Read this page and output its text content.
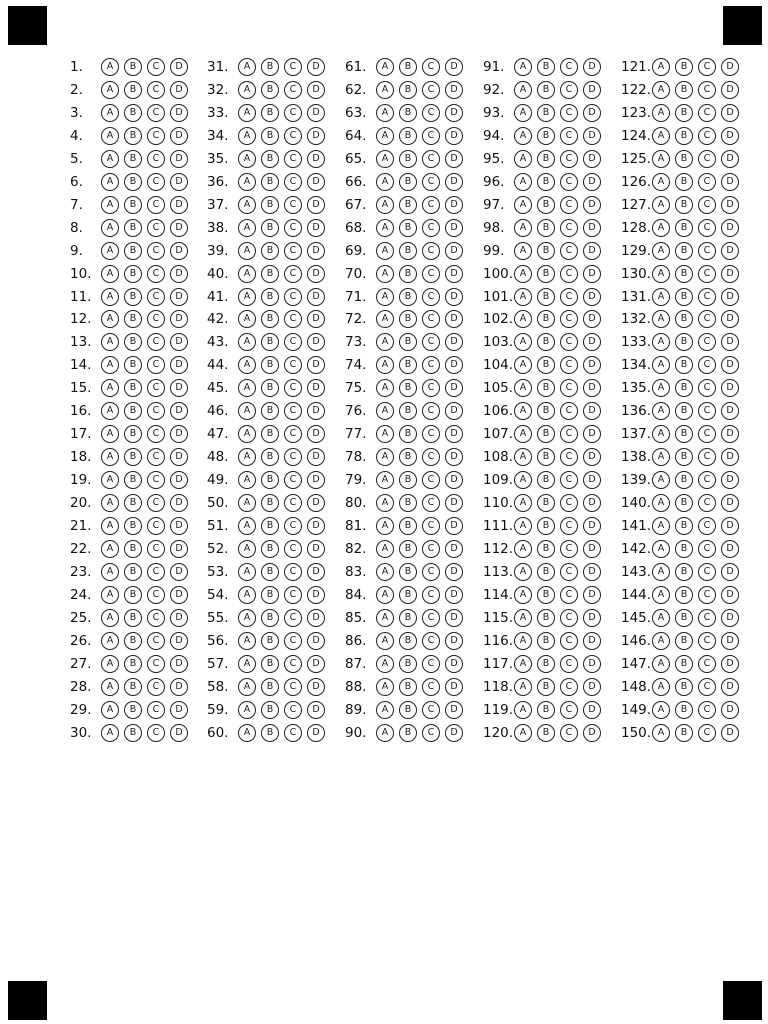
1.	A	B	C	D
2.	A	B	C	D
3.	A	B	C	D
4.	A	B	C	D
5.	A	B	C	D
6.	A	B	C	D
7.	A	B	C	D
8.	A	B	C	D
9.	A	B	C	D
10.	A	B	C	D
11.	A	B	C	D
12.	A	B	C	D
13.	A	B	C	D
14.	A	B	C	D
15.	A	B	C	D
16.	A	B	C	D
17.	A	B	C	D
18.	A	B	C	D
19.	A	B	C	D
20.	A	B	C	D
21.	A	B	C	D
22.	A	B	C	D
23.	A	B	C	D
24.	A	B	C	D
25.	A	B	C	D
26.	A	B	C	D
27.	A	B	C	D
28.	A	B	C	D
29.	A	B	C	D
30.	A	B	C	D
31.	A	B	C	D
32.	A	B	C	D
33.	A	B	C	D
34.	A	B	C	D
35.	A	B	C	D
36.	A	B	C	D
37.	A	B	C	D
38.	A	B	C	D
39.	A	B	C	D
40.	A	B	C	D
41.	A	B	C	D
42.	A	B	C	D
43.	A	B	C	D
44.	A	B	C	D
45.	A	B	C	D
46.	A	B	C	D
47.	A	B	C	D
48.	A	B	C	D
49.	A	B	C	D
50.	A	B	C	D
51.	A	B	C	D
52.	A	B	C	D
53.	A	B	C	D
54.	A	B	C	D
55.	A	B	C	D
56.	A	B	C	D
57.	A	B	C	D
58.	A	B	C	D
59.	A	B	C	D
60.	A	B	C	D
61.	A	B	C	D
62.	A	B	C	D
63.	A	B	C	D
64.	A	B	C	D
65.	A	B	C	D
66.	A	B	C	D
67.	A	B	C	D
68.	A	B	C	D
69.	A	B	C	D
70.	A	B	C	D
71.	A	B	C	D
72.	A	B	C	D
73.	A	B	C	D
74.	A	B	C	D
75.	A	B	C	D
76.	A	B	C	D
77.	A	B	C	D
78.	A	B	C	D
79.	A	B	C	D
80.	A	B	C	D
81.	A	B	C	D
82.	A	B	C	D
83.	A	B	C	D
84.	A	B	C	D
85.	A	B	C	D
86.	A	B	C	D
87.	A	B	C	D
88.	A	B	C	D
89.	A	B	C	D
90.	A	B	C	D
91.	A	B	C	D
92.	A	B	C	D
93.	A	B	C	D
94.	A	B	C	D
95.	A	B	C	D
96.	A	B	C	D
97.	A	B	C	D
98.	A	B	C	D
99.	A	B	C	D
100. A	B	C	D
101. A	B	C	D
102. A	B	C	D
103. A	B	C	D
104. A	B	C	D
105. A	B	C	D
106. A	B	C	D
107. A	B	C	D
108. A	B	C	D
109. A	B	C	D
110. A	B	C	D
111. A	B	C	D
112. A	B	C	D
113. A	B	C	D
114. A	B	C	D
115. A	B	C	D
116. A	B	C	D
117. A	B	C	D
118. A	B	C	D
119. A	B	C	D
120. A	B	C	D
121. A	B	C	D
122. A	B	C	D
123. A	B	C	D
124. A	B	C	D
125. A	B	C	D
126. A	B	C	D
127. A	B	C	D
128. A	B	C	D
129. A	B	C	D
130. A	B	C	D
131. A	B	C	D
132. A	B	C	D
133. A	B	C	D
134. A	B	C	D
135. A	B	C	D
136. A	B	C	D
137. A	B	C	D
138. A	B	C	D
139. A	B	C	D
140. A	B	C	D
141. A	B	C	D
142. A	B	C	D
143. A	B	C	D
144. A	B	C	D
145. A	B	C	D
146. A	B	C	D
147. A	B	C	D
148. A	B	C	D
149. A	B	C	D
150. A	B	C	D
